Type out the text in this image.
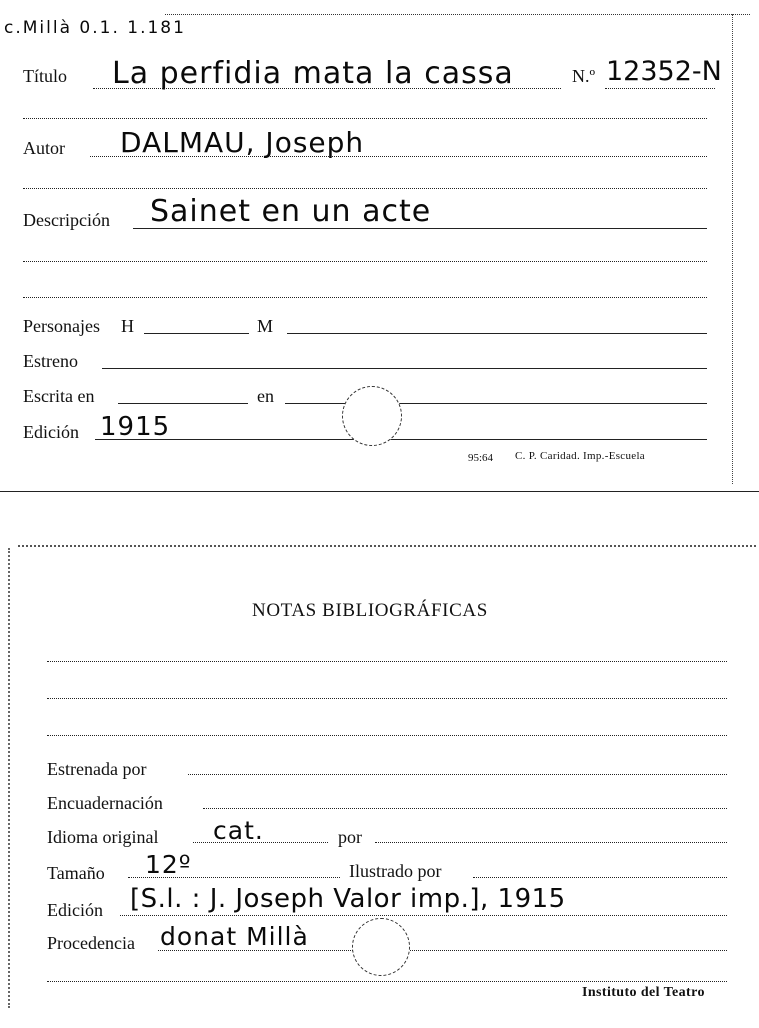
c.Millà 0.1. 1.181
Título La perfidia mata la cassa	N.º 12352-N
Autor DALMAU, Joseph
Descripción Sainet en un acte
Personajes H	M
Estreno
Escrita en	en
Edición 1915
95:64 C. P. Caridad. Imp.-Escuela
NOTAS BIBLIOGRÁFICAS
Estrenada por
Encuadernación
Idioma original cat.	por
Tamaño 12º	Ilustrado por
Edición [S.l. : J. Joseph Valor imp.], 1915
Procedencia donat Millà
Instituto del Teatro
